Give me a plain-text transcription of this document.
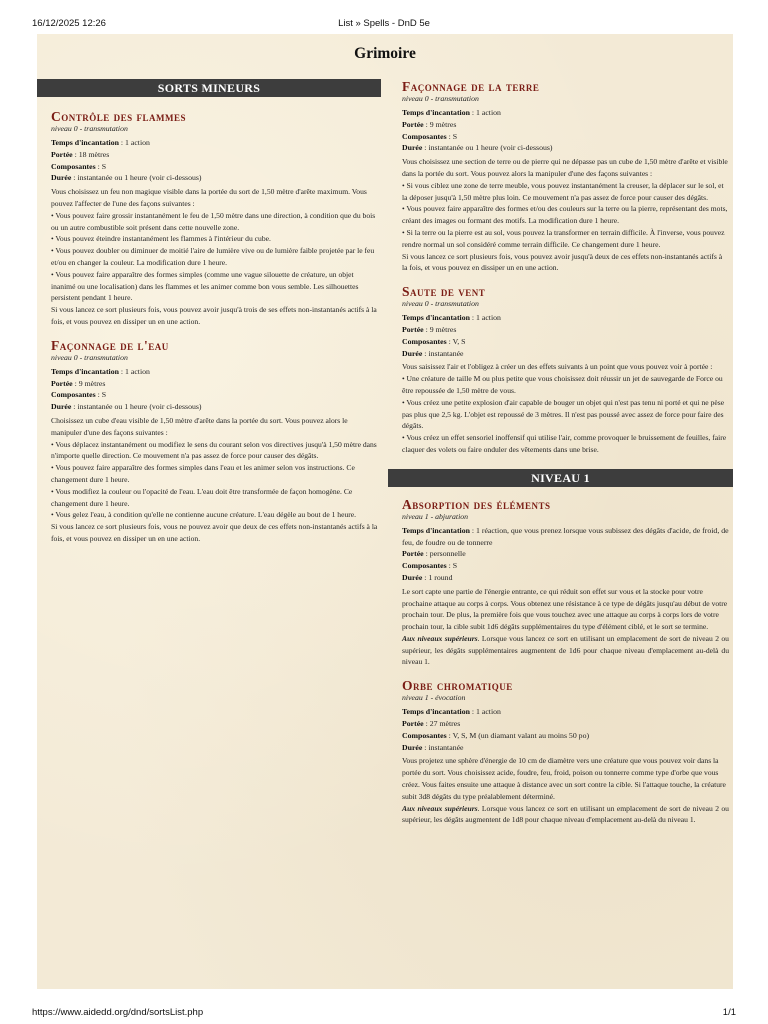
16/12/2025 12:26	List » Spells - DnD 5e
Grimoire
SORTS MINEURS
Contrôle des flammes
niveau 0 - transmutation
Temps d'incantation : 1 action
Portée : 18 mètres
Composantes : S
Durée : instantanée ou 1 heure (voir ci-dessous)

Vous choisissez un feu non magique visible dans la portée du sort de 1,50 mètre d'arête maximum. Vous pouvez l'affecter de l'une des façons suivantes :

• Vous pouvez faire grossir instantanément le feu de 1,50 mètre dans une direction, à condition que du bois ou un autre combustible soit présent dans cette nouvelle zone.

• Vous pouvez éteindre instantanément les flammes à l'intérieur du cube.

• Vous pouvez doubler ou diminuer de moitié l'aire de lumière vive ou de lumière faible projetée par le feu et/ou en changer la couleur. La modification dure 1 heure.

• Vous pouvez faire apparaître des formes simples (comme une vague silouette de créature, un objet inanimé ou une localisation) dans les flammes et les animer comme bon vous semble. Les silhouettes persistent pendant 1 heure.

Si vous lancez ce sort plusieurs fois, vous pouvez avoir jusqu'à trois de ses effets non-instantanés actifs à la fois, et vous pouvez en dissiper un en une action.

Façonnage de l'eau
niveau 0 - transmutation
Temps d'incantation : 1 action
Portée : 9 mètres
Composantes : S
Durée : instantanée ou 1 heure (voir ci-dessous)

Choisissez un cube d'eau visible de 1,50 mètre d'arête dans la portée du sort. Vous pouvez alors le manipuler d'une des façons suivantes :

• Vous déplacez instantanément ou modifiez le sens du courant selon vos directives jusqu'à 1,50 mètre dans n'importe quelle direction. Ce mouvement n'a pas assez de force pour causer des dégâts.

• Vous pouvez faire apparaître des formes simples dans l'eau et les animer selon vos instructions. Ce changement dure 1 heure.

• Vous modifiez la couleur ou l'opacité de l'eau. L'eau doit être transformée de façon homogène. Ce changement dure 1 heure.

• Vous gelez l'eau, à condition qu'elle ne contienne aucune créature. L'eau dégèle au bout de 1 heure.

Si vous lancez ce sort plusieurs fois, vous ne pouvez avoir que deux de ces effets non-instantanés actifs à la fois, et vous pouvez en dissiper un en une action.

Façonnage de la terre
niveau 0 - transmutation
Temps d'incantation : 1 action
Portée : 9 mètres
Composantes : S
Durée : instantanée ou 1 heure (voir ci-dessous)

Vous choisissez une section de terre ou de pierre qui ne dépasse pas un cube de 1,50 mètre d'arête et visible dans la portée du sort. Vous pouvez alors la manipuler d'une des façons suivantes :

• Si vous ciblez une zone de terre meuble, vous pouvez instantanément la creuser, la déplacer sur le sol, et la déposer jusqu'à 1,50 mètre plus loin. Ce mouvement n'a pas assez de force pour causer des dégâts.

• Vous pouvez faire apparaître des formes et/ou des couleurs sur la terre ou la pierre, représentant des mots, créant des images ou formant des motifs. La modification dure 1 heure.

• Si la terre ou la pierre est au sol, vous pouvez la transformer en terrain difficile. À l'inverse, vous pouvez rendre normal un sol considéré comme terrain difficile. Ce changement dure 1 heure.

Si vous lancez ce sort plusieurs fois, vous pouvez avoir jusqu'à deux de ces effets non-instantanés actifs à la fois, et vous pouvez en dissiper un en une action.

Saute de vent
niveau 0 - transmutation
Temps d'incantation : 1 action
Portée : 9 mètres
Composantes : V, S
Durée : instantanée

Vous saisissez l'air et l'obligez à créer un des effets suivants à un point que vous pouvez voir à portée :

• Une créature de taille M ou plus petite que vous choisissez doit réussir un jet de sauvegarde de Force ou être repoussée de 1,50 mètre de vous.

• Vous créez une petite explosion d'air capable de bouger un objet qui n'est pas tenu ni porté et qui ne pèse pas plus que 2,5 kg. L'objet est repoussé de 3 mètres. Il n'est pas poussé avec assez de force pour faire des dégâts.

• Vous créez un effet sensoriel inoffensif qui utilise l'air, comme provoquer le bruissement de feuilles, faire claquer des volets ou faire onduler des vêtements dans une brise.

NIVEAU 1
Absorption des éléments
niveau 1 - abjuration
Temps d'incantation : 1 réaction, que vous prenez lorsque vous subissez des dégâts d'acide, de froid, de feu, de foudre ou de tonnerre
Portée : personnelle
Composantes : S
Durée : 1 round

Le sort capte une partie de l'énergie entrante, ce qui réduit son effet sur vous et la stocke pour votre prochaine attaque au corps à corps. Vous obtenez une résistance à ce type de dégâts jusqu'au début de votre prochain tour. De plus, la première fois que vous touchez avec une attaque au corps à corps lors de votre prochain tour, la cible subit 1d6 dégâts supplémentaires du type d'élément ciblé, et le sort se termine.

Aux niveaux supérieurs. Lorsque vous lancez ce sort en utilisant un emplacement de sort de niveau 2 ou supérieur, les dégâts supplémentaires augmentent de 1d6 pour chaque niveau d'emplacement au-delà du niveau 1.

Orbe chromatique
niveau 1 - évocation
Temps d'incantation : 1 action
Portée : 27 mètres
Composantes : V, S, M (un diamant valant au moins 50 po)
Durée : instantanée

Vous projetez une sphère d'énergie de 10 cm de diamètre vers une créature que vous pouvez voir dans la portée du sort. Vous choisissez acide, foudre, feu, froid, poison ou tonnerre comme type d'orbe que vous créez. Vous faites ensuite une attaque à distance avec un sort contre la cible. Si l'attaque touche, la créature subit 3d8 dégâts du type préalablement déterminé.

Aux niveaux supérieurs. Lorsque vous lancez ce sort en utilisant un emplacement de sort de niveau 2 ou supérieur, les dégâts augmentent de 1d8 pour chaque niveau d'emplacement au-delà du niveau 1.

https://www.aidedd.org/dnd/sortsList.php	1/1
